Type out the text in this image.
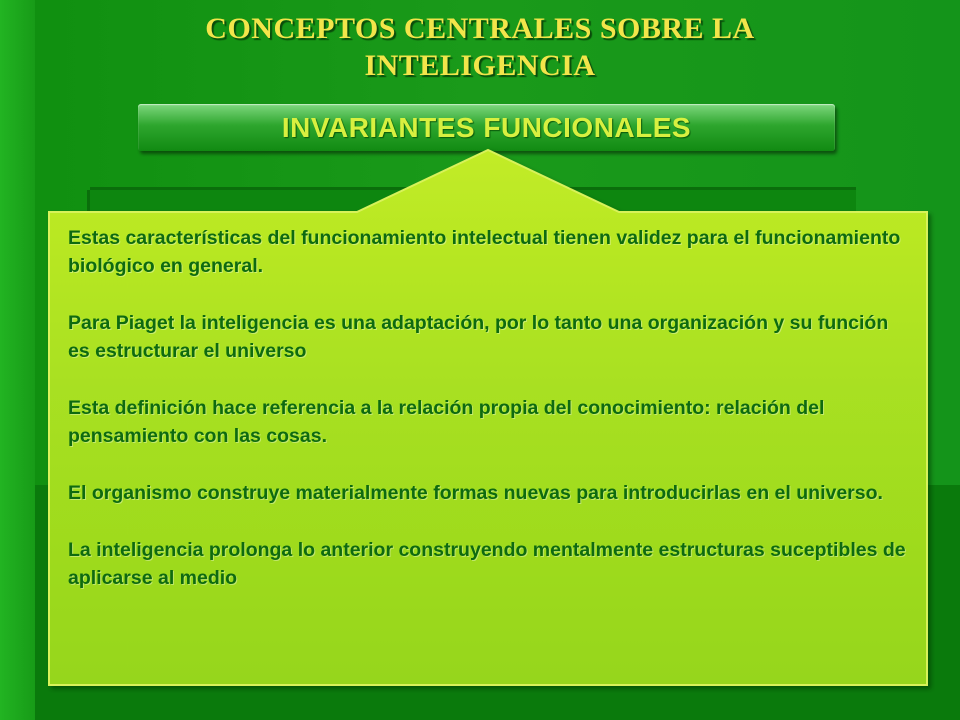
CONCEPTOS CENTRALES SOBRE LA
INTELIGENCIA
INVARIANTES FUNCIONALES

Estas características del funcionamiento intelectual tienen validez para el funcionamiento biológico en general.

Para Piaget la inteligencia es una adaptación, por lo tanto una organización y su función es estructurar el universo

Esta definición hace referencia a la relación propia del conocimiento: relación del pensamiento con las cosas.

El organismo construye materialmente formas nuevas para introducirlas en el universo.

La inteligencia prolonga lo anterior construyendo mentalmente estructuras suceptibles de aplicarse al medio
